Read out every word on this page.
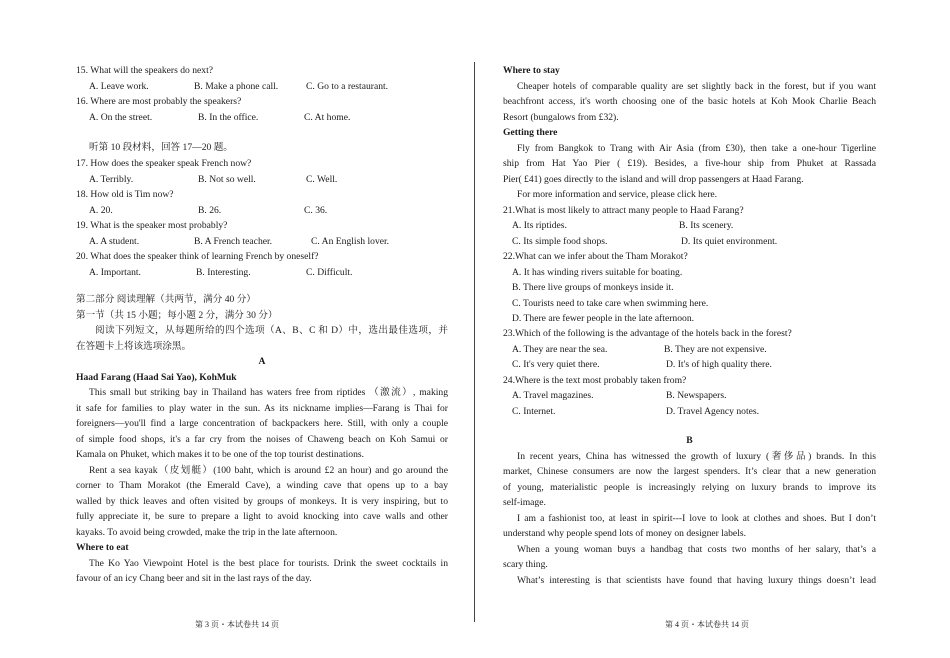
15. What will the speakers do next?
A. Leave work.	B. Make a phone call.	C. Go to a restaurant.
16. Where are most probably the speakers?
A. On the street.	B. In the office.	C. At home.
听第 10 段材料，回答 17—20 题。
17. How does the speaker speak French now?
A. Terribly.	B. Not so well.	C. Well.
18. How old is Tim now?
A. 20.	B. 26.	C. 36.
19. What is the speaker most probably?
A. A student.	B. A French teacher.	C. An English lover.
20. What does the speaker think of learning French by oneself?
A. Important.	B. Interesting.	C. Difficult.
第二部分 阅读理解（共两节，满分 40 分）
第一节（共 15 小题；每小题 2 分，满分 30 分）
阅读下列短文，从每题所给的四个选项（A、B、C 和 D）中，选出最佳选项，并
在答题卡上将该选项涂黑。
A
Haad Farang (Haad Sai Yao), KohMuk
This small but striking bay in Thailand has waters free from riptides （激流）, making
it safe for families to play water in the sun. As its nickname implies—Farang is Thai for
foreigners—you'll find a large concentration of backpackers here. Still, with only a couple
of simple food shops, it's a far cry from the noises of Chaweng beach on Koh Samui or
Kamala on Phuket, which makes it to be one of the top tourist destinations.
Rent a sea kayak（皮划艇）(100 baht, which is around £2 an hour) and go around the
corner to Tham Morakot (the Emerald Cave), a winding cave that opens up to a bay
walled by thick leaves and often visited by groups of monkeys. It is very inspiring, but to
fully appreciate it, be sure to prepare a light to avoid knocking into cave walls and other
kayaks. To avoid being crowded, make the trip in the late afternoon.
Where to eat
The Ko Yao Viewpoint Hotel is the best place for tourists. Drink the sweet cocktails in
favour of an icy Chang beer and sit in the last rays of the day.
第 3 页・本试卷共 14 页
Where to stay
Cheaper hotels of comparable quality are set slightly back in the forest, but if you want
beachfront access, it's worth choosing one of the basic hotels at Koh Mook Charlie Beach
Resort (bungalows from £32).
Getting there
Fly from Bangkok to Trang with Air Asia (from £30), then take a one-hour Tigerline
ship from Hat Yao Pier ( £19). Besides, a five-hour ship from Phuket at Rassada
Pier( £41) goes directly to the island and will drop passengers at Haad Farang.
For more information and service, please click here.
21.What is most likely to attract many people to Haad Farang?
A. Its riptides.	B. Its scenery.
C. Its simple food shops.	D. Its quiet environment.
22.What can we infer about the Tham Morakot?
A. It has winding rivers suitable for boating.
B. There live groups of monkeys inside it.
C. Tourists need to take care when swimming here.
D. There are fewer people in the late afternoon.
23.Which of the following is the advantage of the hotels back in the forest?
A. They are near the sea.	B. They are not expensive.
C. It's very quiet there.	D. It's of high quality there.
24.Where is the text most probably taken from?
A. Travel magazines.	B. Newspapers.
C. Internet.	D. Travel Agency notes.
B
In recent years, China has witnessed the growth of luxury (奢侈品) brands. In this
market, Chinese consumers are now the largest spenders. It’s clear that a new generation
of young, materialistic people is increasingly relying on luxury brands to improve its
self-image.
I am a fashionist too, at least in spirit---I love to look at clothes and shoes. But I don’t
understand why people spend lots of money on designer labels.
When a young woman buys a handbag that costs two months of her salary, that’s a
scary thing.
What’s interesting is that scientists have found that having luxury things doesn’t lead
第 4 页・本试卷共 14 页
